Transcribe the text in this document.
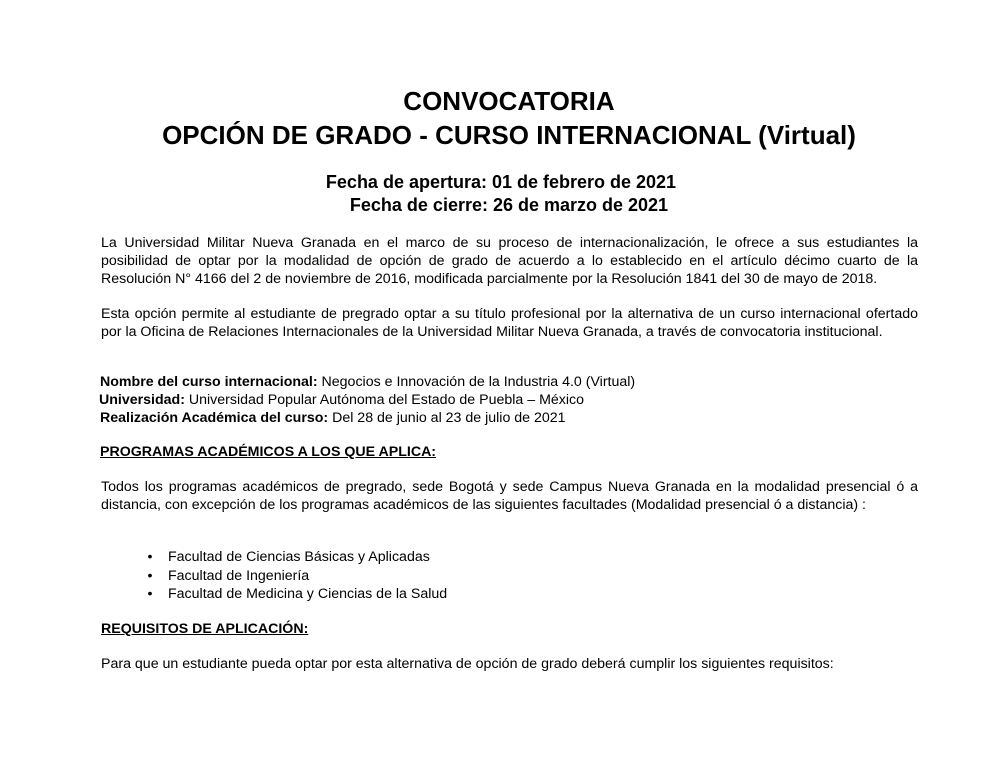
CONVOCATORIA
OPCIÓN DE GRADO - CURSO INTERNACIONAL (Virtual)

Fecha de apertura: 01 de febrero de 2021

Fecha de cierre: 26 de marzo de 2021

La Universidad Militar Nueva Granada en el marco de su proceso de internacionalización, le ofrece a sus estudiantes la posibilidad de optar por la modalidad de opción de grado de acuerdo a lo establecido en el artículo décimo cuarto de la Resolución N° 4166 del 2 de noviembre de 2016, modificada parcialmente por la Resolución 1841 del 30 de mayo de 2018.

Esta opción permite al estudiante de pregrado optar a su título profesional por la alternativa de un curso internacional ofertado por la Oficina de Relaciones Internacionales de la Universidad Militar Nueva Granada, a través de convocatoria institucional.

Nombre del curso internacional: Negocios e Innovación de la Industria 4.0 (Virtual)

Universidad: Universidad Popular Autónoma del Estado de Puebla – México

Realización Académica del curso: Del 28 de junio al 23 de julio de 2021

PROGRAMAS ACADÉMICOS A LOS QUE APLICA:

Todos los programas académicos de pregrado, sede Bogotá y sede Campus Nueva Granada en la modalidad presencial ó a distancia, con excepción de los programas académicos de las siguientes facultades (Modalidad presencial ó a distancia) :

• Facultad de Ciencias Básicas y Aplicadas
• Facultad de Ingeniería
• Facultad de Medicina y Ciencias de la Salud

REQUISITOS DE APLICACIÓN:

Para que un estudiante pueda optar por esta alternativa de opción de grado deberá cumplir los siguientes requisitos:
